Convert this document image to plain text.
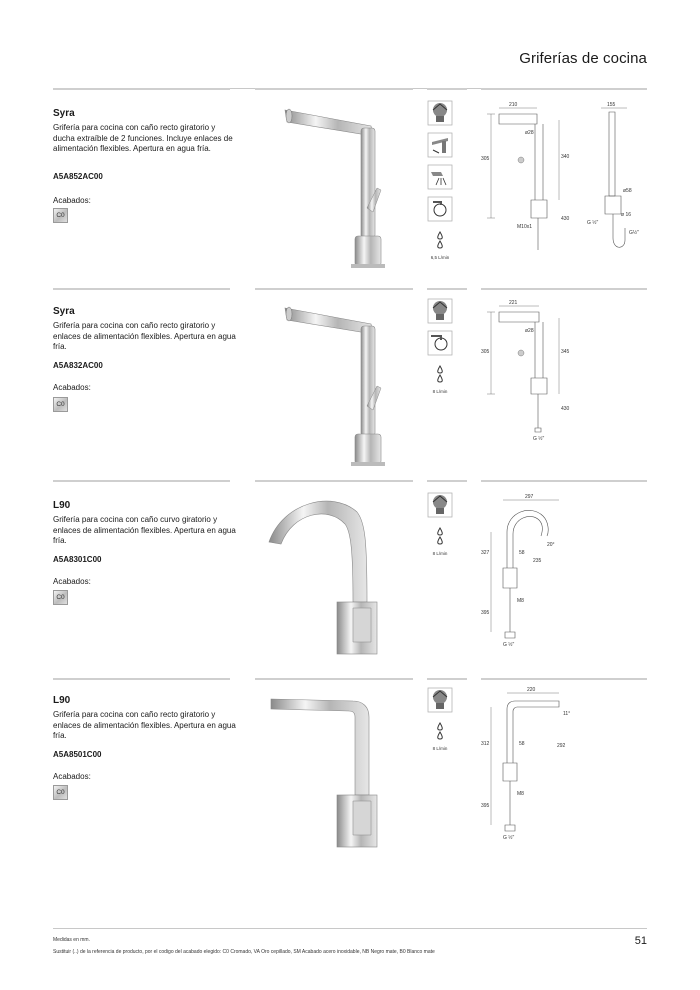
Griferías de cocina
Syra
Grifería para cocina con caño recto giratorio y ducha extraíble de 2 funciones. Incluye enlaces de alimentación flexibles. Apertura en agua fría.
A5A852AC00
Acabados:
C0
6,5 L/min
210
ø28
305	340
430
M10x1
G ½"
155
ø58
ø 16
G½"
Syra
Grifería para cocina con caño recto giratorio y enlaces de alimentación flexibles. Apertura en agua fría.
A5A832AC00
Acabados:
C0
8 L/min
221
ø28
305	345
430
G ½"
L90
Grifería para cocina con caño curvo giratorio y enlaces de alimentación flexibles. Apertura en agua fría.
A5A8301C00
Acabados:
C0
8 L/min
297
327	58
235
20°
M8
395
G ½"
L90
Grifería para cocina con caño recto giratorio y enlaces de alimentación flexibles. Apertura en agua fría.
A5A8501C00
Acabados:
C0
8 L/min
220
11°
312	58	292
M8
395
G ½"
Medidas en mm.
Sustituir (..) de la referencia de producto, por el codigo del acabado elegido: C0 Cromado, VA Oro cepillado, SM Acabado acero inoxidable, NB Negro mate, B0 Blanco mate
51
